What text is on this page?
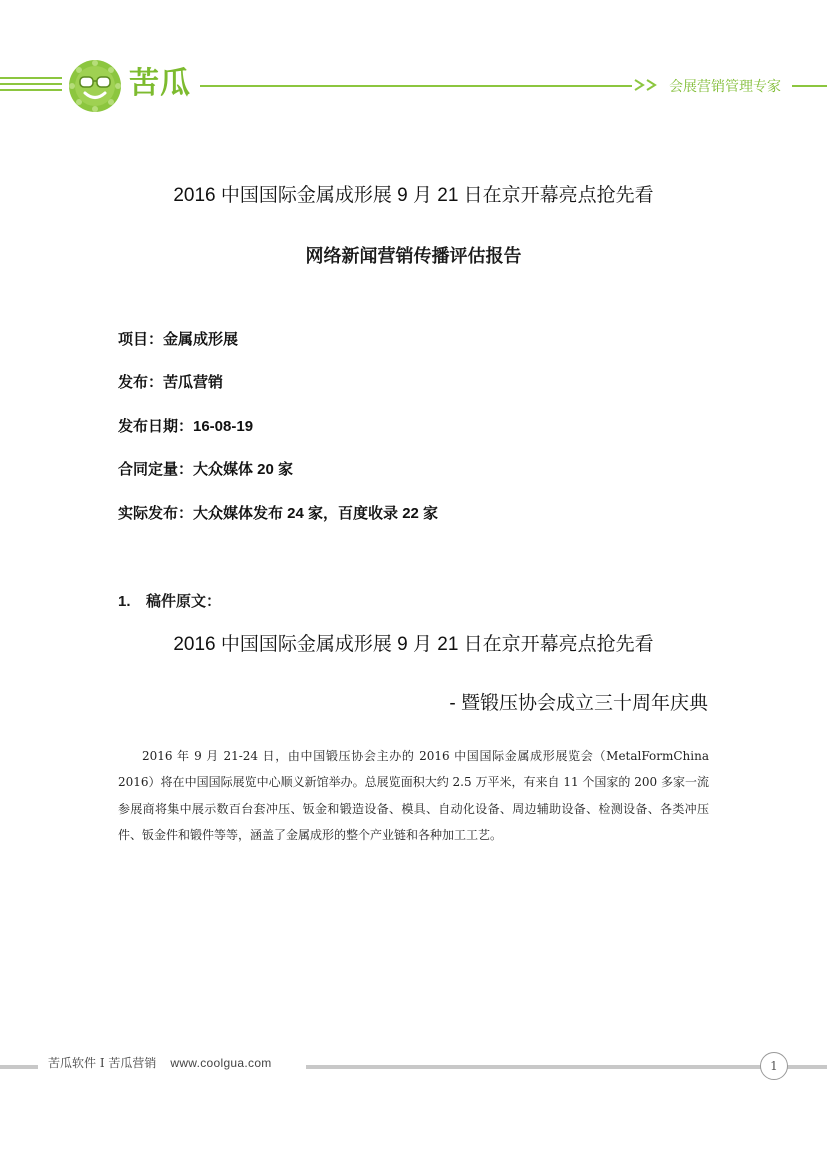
苦瓜	会展营销管理专家
2016 中国国际金属成形展 9 月 21 日在京开幕亮点抢先看
网络新闻营销传播评估报告
项目：金属成形展
发布：苦瓜营销
发布日期：16-08-19
合同定量：大众媒体 20 家
实际发布：大众媒体发布 24 家，百度收录 22 家
1. 稿件原文：
2016 中国国际金属成形展 9 月 21 日在京开幕亮点抢先看
- 暨锻压协会成立三十周年庆典

2016 年 9 月 21-24 日，由中国锻压协会主办的 2016 中国国际金属成形展览会（MetalFormChina 2016）将在中国国际展览中心顺义新馆举办。总展览面积大约 2.5 万平米，有来自 11 个国家的 200 多家一流参展商将集中展示数百台套冲压、钣金和锻造设备、模具、自动化设备、周边辅助设备、检测设备、各类冲压件、钣金件和锻件等等，涵盖了金属成形的整个产业链和各种加工工艺。

苦瓜软件 I 苦瓜营销 www.coolgua.com	1
